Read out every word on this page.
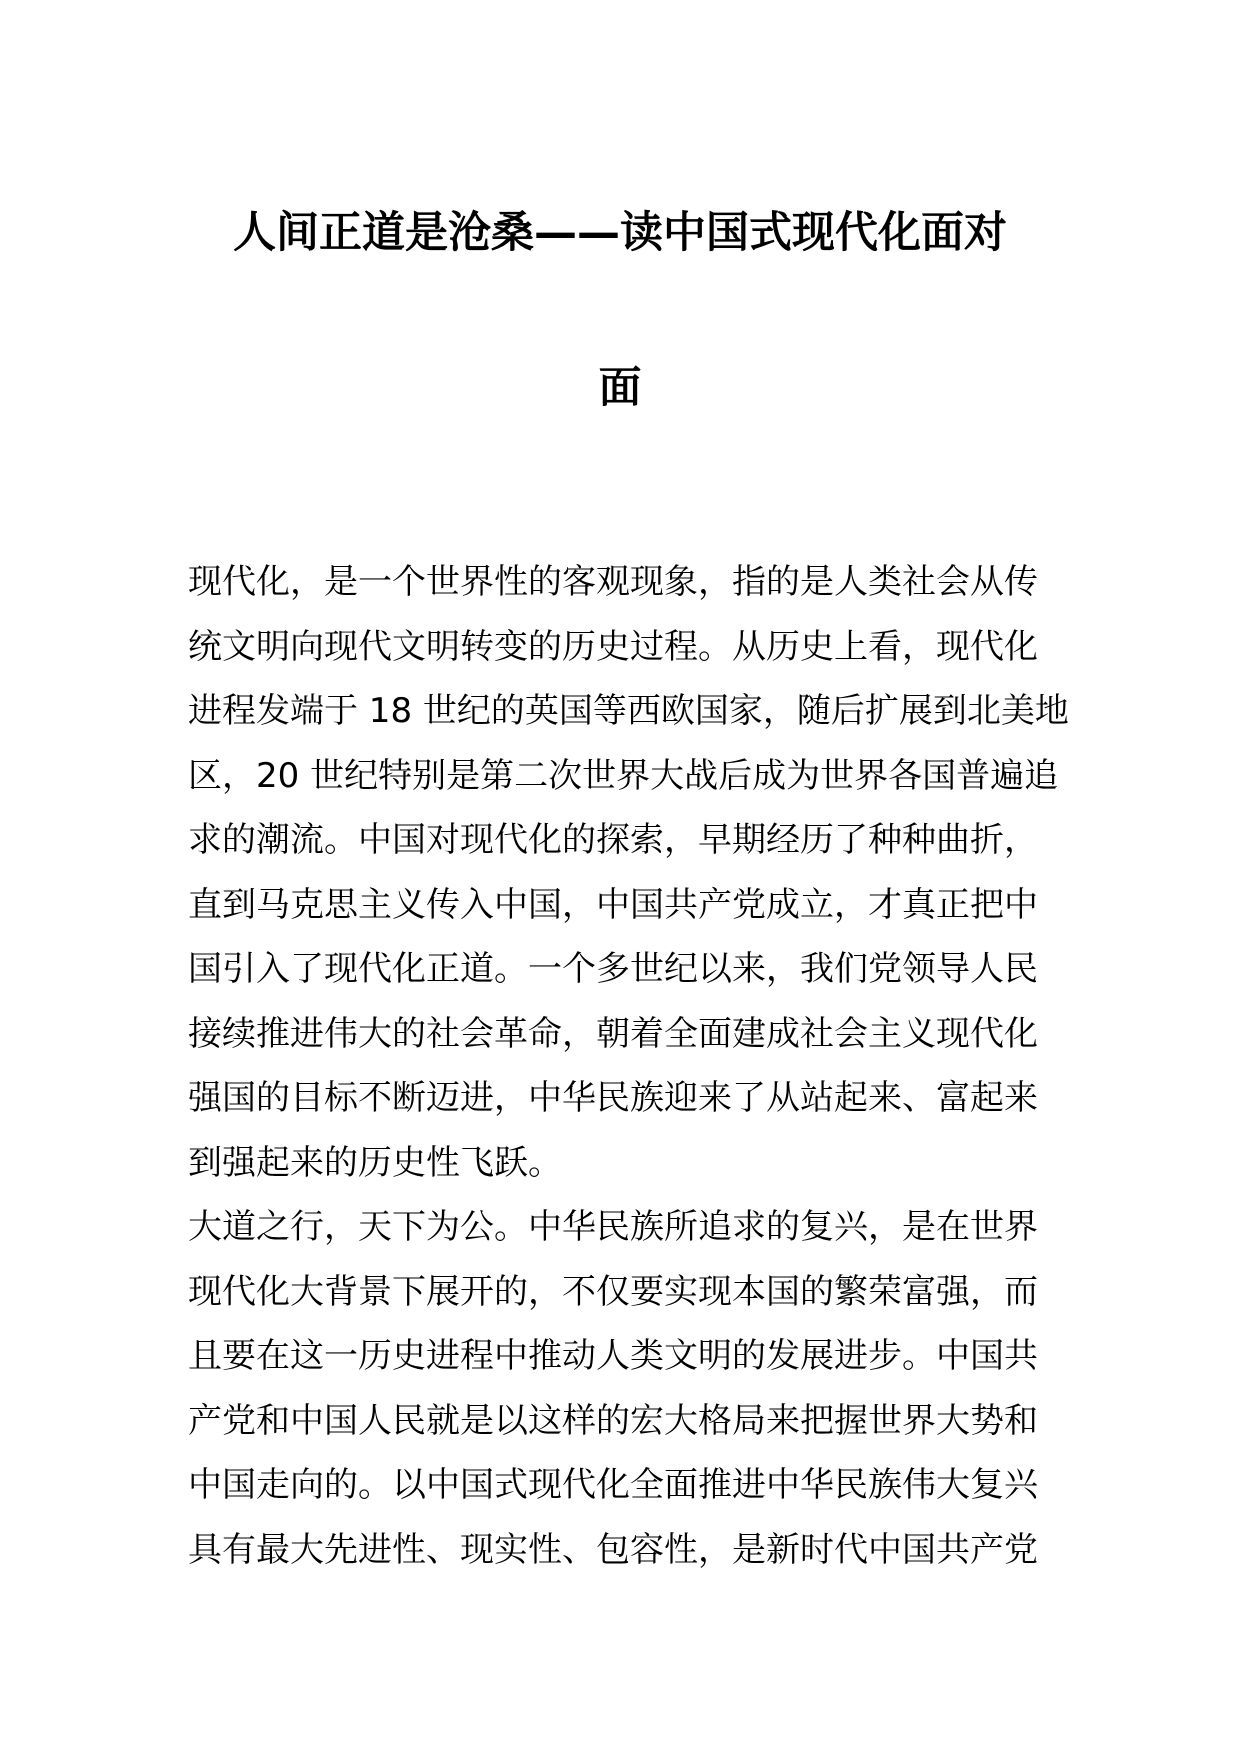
人间正道是沧桑——读中国式现代化面对
面
现代化，是一个世界性的客观现象，指的是人类社会从传
统文明向现代文明转变的历史过程。从历史上看，现代化
进程发端于 18 世纪的英国等西欧国家，随后扩展到北美地
区，20 世纪特别是第二次世界大战后成为世界各国普遍追
求的潮流。中国对现代化的探索，早期经历了种种曲折，
直到马克思主义传入中国，中国共产党成立，才真正把中
国引入了现代化正道。一个多世纪以来，我们党领导人民
接续推进伟大的社会革命，朝着全面建成社会主义现代化
强国的目标不断迈进，中华民族迎来了从站起来、富起来
到强起来的历史性飞跃。
大道之行，天下为公。中华民族所追求的复兴，是在世界
现代化大背景下展开的，不仅要实现本国的繁荣富强，而
且要在这一历史进程中推动人类文明的发展进步。中国共
产党和中国人民就是以这样的宏大格局来把握世界大势和
中国走向的。以中国式现代化全面推进中华民族伟大复兴
具有最大先进性、现实性、包容性，是新时代中国共产党
